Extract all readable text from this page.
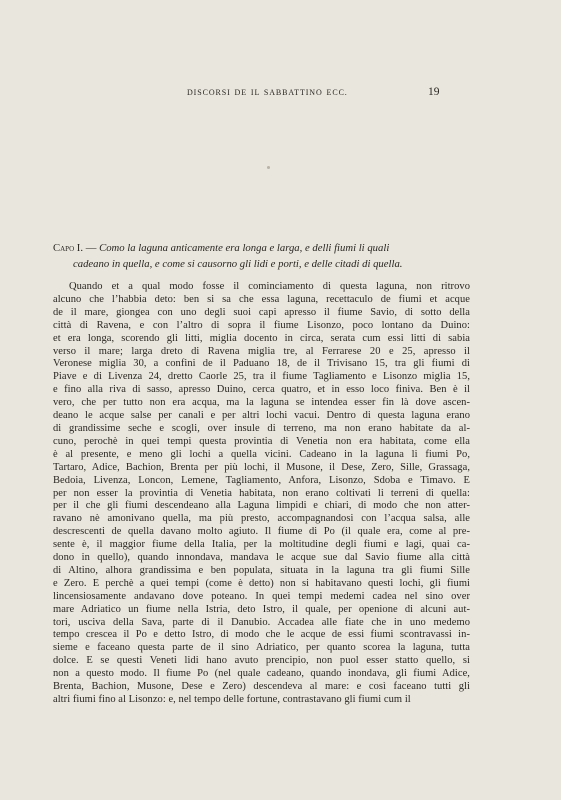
DISCORSI DE IL SABBATTINO ECC.	19
Capo I. — Como la laguna anticamente era longa e larga, e delli fiumi li quali
cadeano in quella, e come si causorno gli lidi e porti, e delle citadi di quella.
Quando et a qual modo fosse il cominciamento di questa laguna, non ritrovo
alcuno che l’habbia deto: ben si sa che essa laguna, recettaculo de fiumi et acque
de il mare, giongea con uno degli suoi capi apresso il fiume Savio, di sotto della
città di Ravena, e con l’altro di sopra il fiume Lisonzo, poco lontano da Duino:
et era longa, scorendo gli litti, miglia docento in circa, serata cum essi litti di sabia
verso il mare; larga dreto di Ravena miglia tre, al Ferrarese 20 e 25, apresso il
Veronese miglia 30, a confini de il Paduano 18, de il Trivisano 15, tra gli fiumi di
Piave e di Livenza 24, dretto Caorle 25, tra il fiume Tagliamento e Lisonzo miglia 15,
e fino alla riva di sasso, apresso Duino, cerca quatro, et in esso loco finiva. Ben è il
vero, che per tutto non era acqua, ma la laguna se intendea esser fin là dove ascen-
deano le acque salse per canali e per altri lochi vacui. Dentro di questa laguna erano
di grandissime seche e scogli, over insule di terreno, ma non erano habitate da al-
cuno, perochè in quei tempi questa provintia di Venetia non era habitata, come ella
è al presente, e meno gli lochi a quella vicini. Cadeano in la laguna li fiumi Po,
Tartaro, Adice, Bachion, Brenta per più lochi, il Musone, il Dese, Zero, Sille, Grassaga,
Bedoia, Livenza, Loncon, Lemene, Tagliamento, Anfora, Lisonzo, Sdoba e Timavo. E
per non esser la provintia di Venetia habitata, non erano coltivati li terreni di quella:
per il che gli fiumi descendeano alla Laguna limpidi e chiari, di modo che non atter-
ravano nè amonivano quella, ma più presto, accompagnandosi con l’acqua salsa, alle
descrescenti de quella davano molto agiuto. Il fiume di Po (il quale era, come al pre-
sente è, il maggior fiume della Italia, per la moltitudine degli fiumi e lagi, quai ca-
dono in quello), quando innondava, mandava le acque sue dal Savio fiume alla città
di Altino, alhora grandissima e ben populata, situata in la laguna tra gli fiumi Sille
e Zero. E perchè a quei tempi (come è detto) non si habitavano questi lochi, gli fiumi
lincensiosamente andavano dove poteano. In quei tempi medemi cadea nel sino over
mare Adriatico un fiume nella Istria, deto Istro, il quale, per openione di alcuni aut-
tori, usciva della Sava, parte di il Danubio. Accadea alle fiate che in uno medemo
tempo crescea il Po e detto Istro, di modo che le acque de essi fiumi scontravassi in-
sieme e faceano questa parte de il sino Adriatico, per quanto scorea la laguna, tutta
dolce. E se questi Veneti lidi hano avuto prencipio, non puol esser statto quello, si
non a questo modo. Il fiume Po (nel quale cadeano, quando inondava, gli fiumi Adice,
Brenta, Bachion, Musone, Dese e Zero) descendeva al mare: e così faceano tutti gli
altri fiumi fino al Lisonzo: e, nel tempo delle fortune, contrastavano gli fiumi cum il
